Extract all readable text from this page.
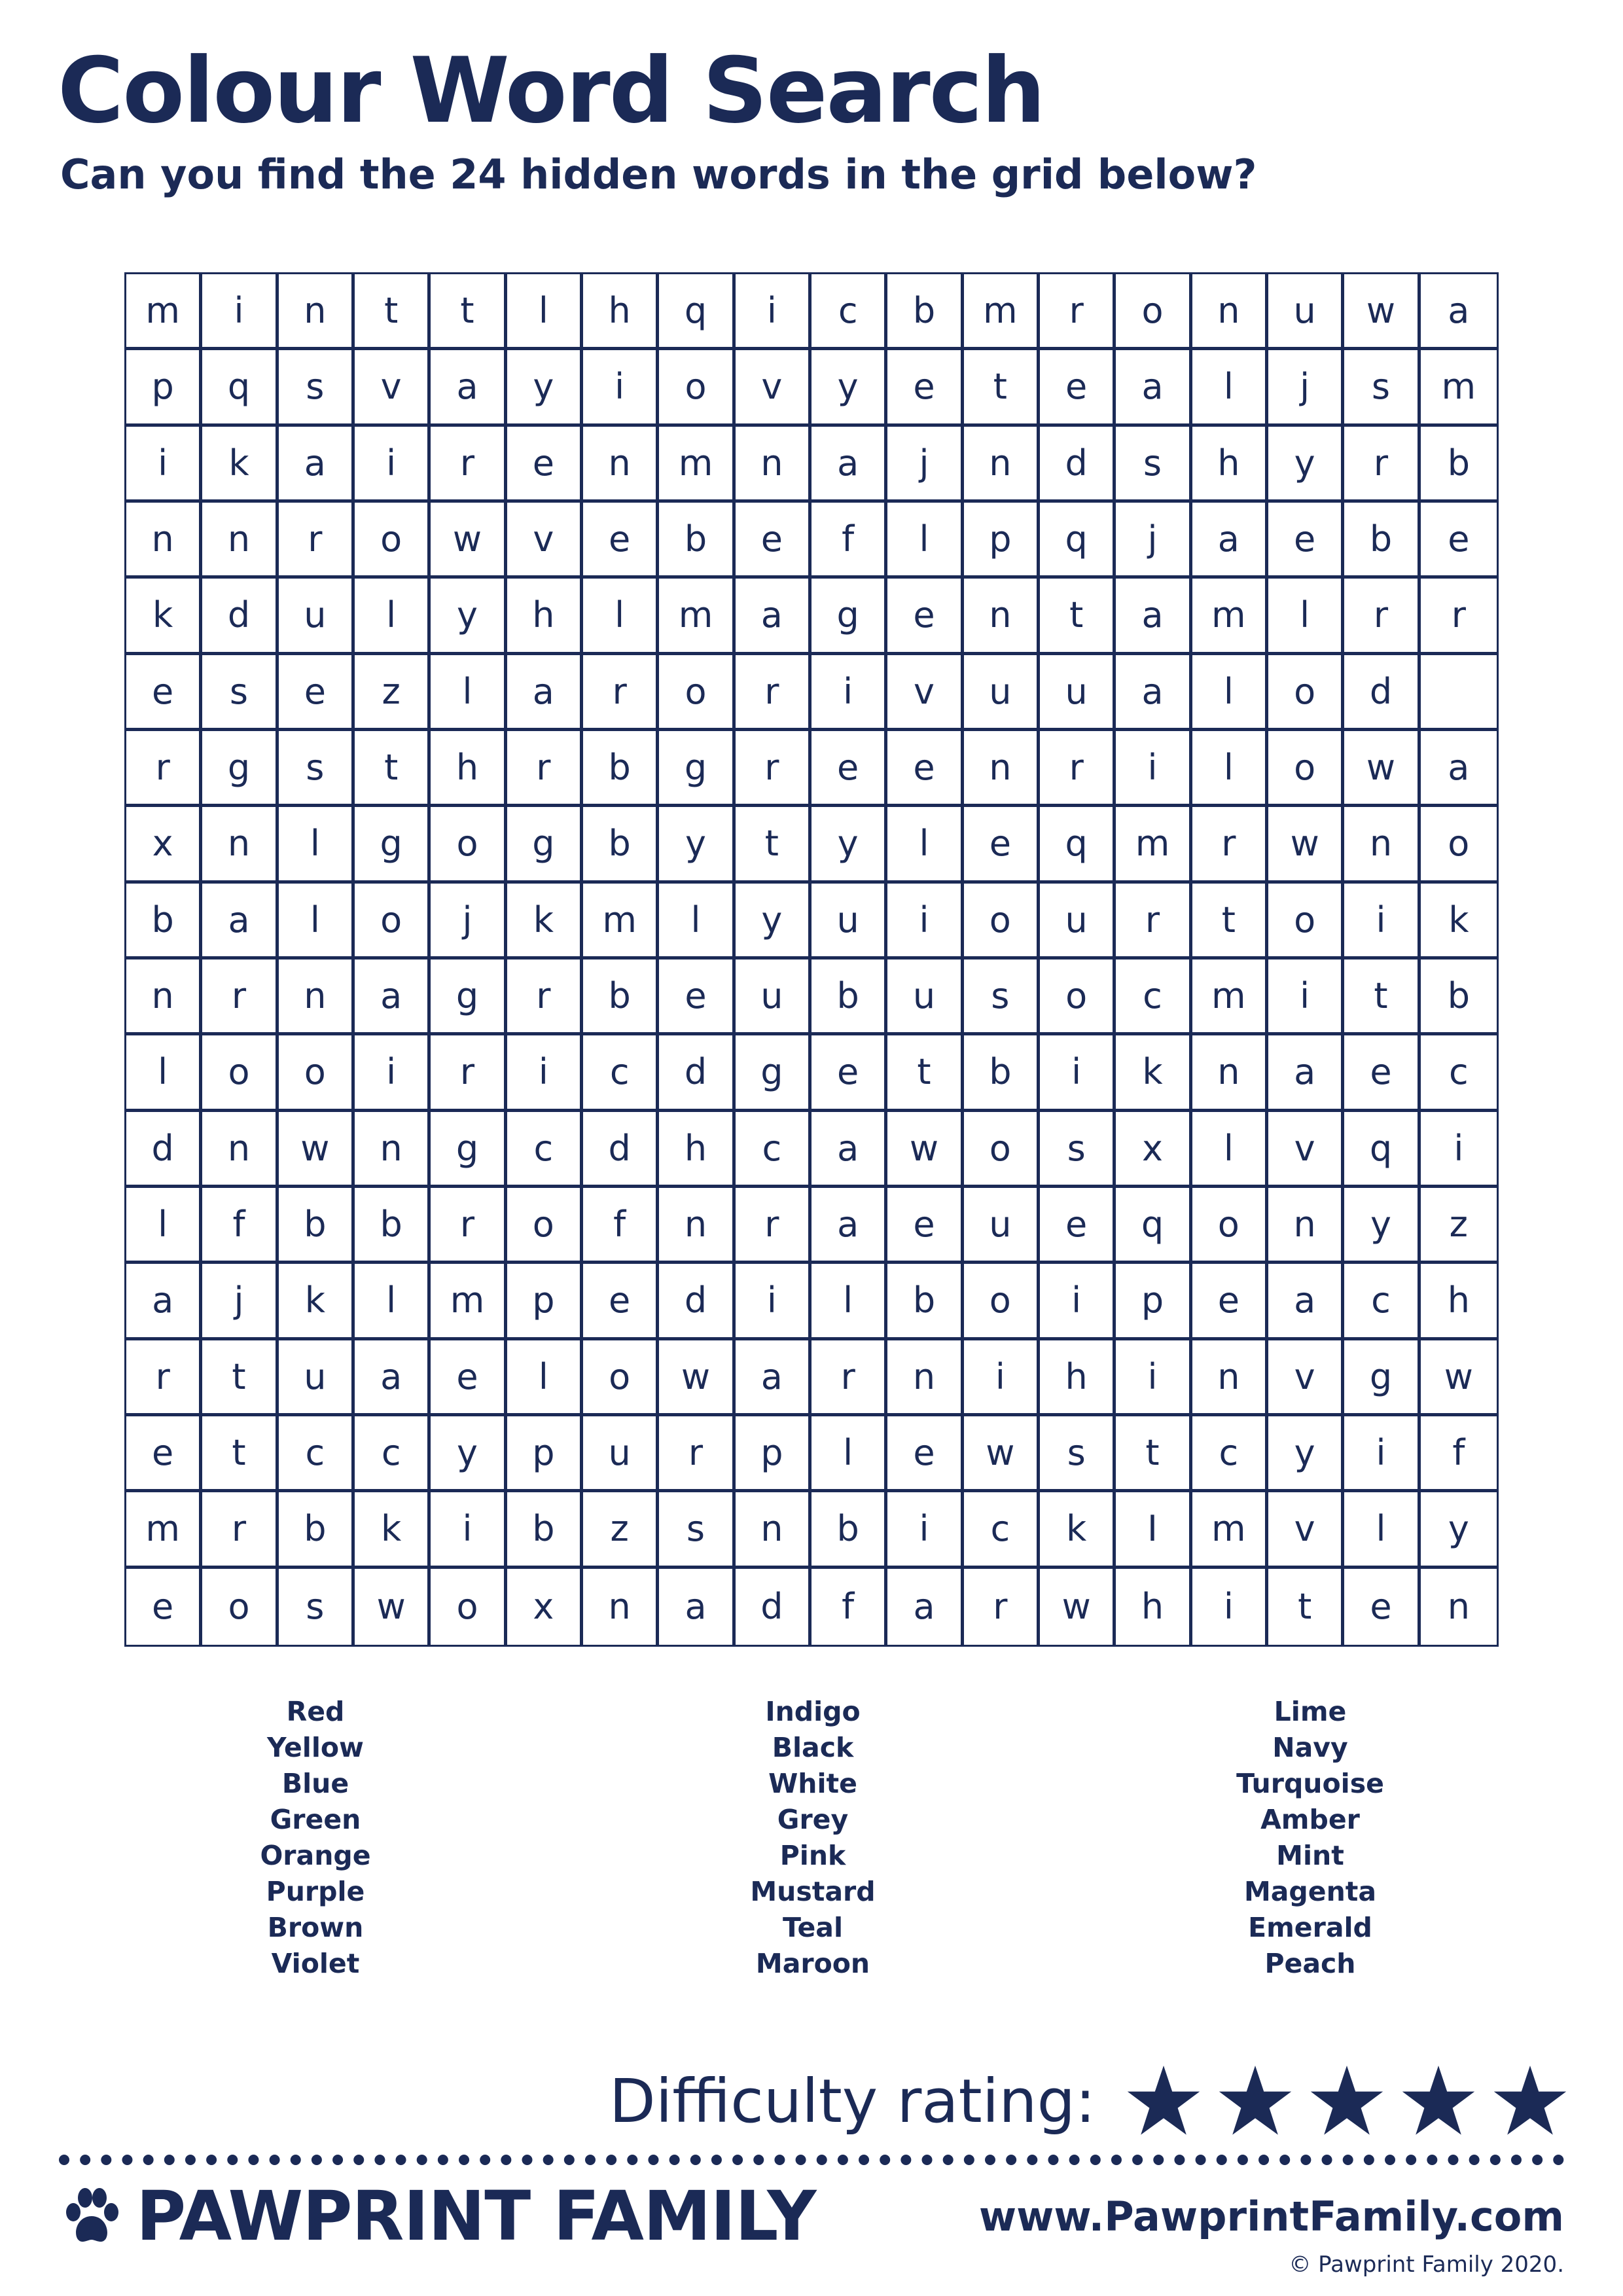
Colour Word Search
Can you find the 24 hidden words in the grid below?
m	i	n	t	t	l	h	q	i	c	b	m	r	o	n	u	w	a
p	q	s	v	a	y	i	o	v	y	e	t	e	a	l	j	s	m
i	k	a	i	r	e	n	m	n	a	j	n	d	s	h	y	r	b
n	n	r	o	w	v	e	b	e	f	l	p	q	j	a	e	b	e
k	d	u	l	y	h	l	m	a	g	e	n	t	a	m	l	r	r
e	s	e	z	l	a	r	o	r	i	v	u	u	a	l	o	d
r	g	s	t	h	r	b	g	r	e	e	n	r	i	l	o	w	a
x	n	l	g	o	g	b	y	t	y	l	e	q	m	r	w	n	o
b	a	l	o	j	k	m	l	y	u	i	o	u	r	t	o	i	k
n	r	n	a	g	r	b	e	u	b	u	s	o	c	m	i	t	b
l	o	o	i	r	i	c	d	g	e	t	b	i	k	n	a	e	c
d	n	w	n	g	c	d	h	c	a	w	o	s	x	l	v	q	i
l	f	b	b	r	o	f	n	r	a	e	u	e	q	o	n	y	z
a	j	k	l	m	p	e	d	i	l	b	o	i	p	e	a	c	h
r	t	u	a	e	l	o	w	a	r	n	i	h	i	n	v	g	w
e	t	c	c	y	p	u	r	p	l	e	w	s	t	c	y	i	f
m	r	b	k	i	b	z	s	n	b	i	c	k	I	m	v	l	y
e	o	s	w	o	x	n	a	d	f	a	r	w	h	i	t	e	n
Red
Yellow
Blue
Green
Orange
Purple
Brown
Violet
Indigo
Black
White
Grey
Pink
Mustard
Teal
Maroon
Lime
Navy
Turquoise
Amber
Mint
Magenta
Emerald
Peach
Difficulty rating:
PAWPRINT FAMILY	www.PawprintFamily.com
© Pawprint Family 2020.
